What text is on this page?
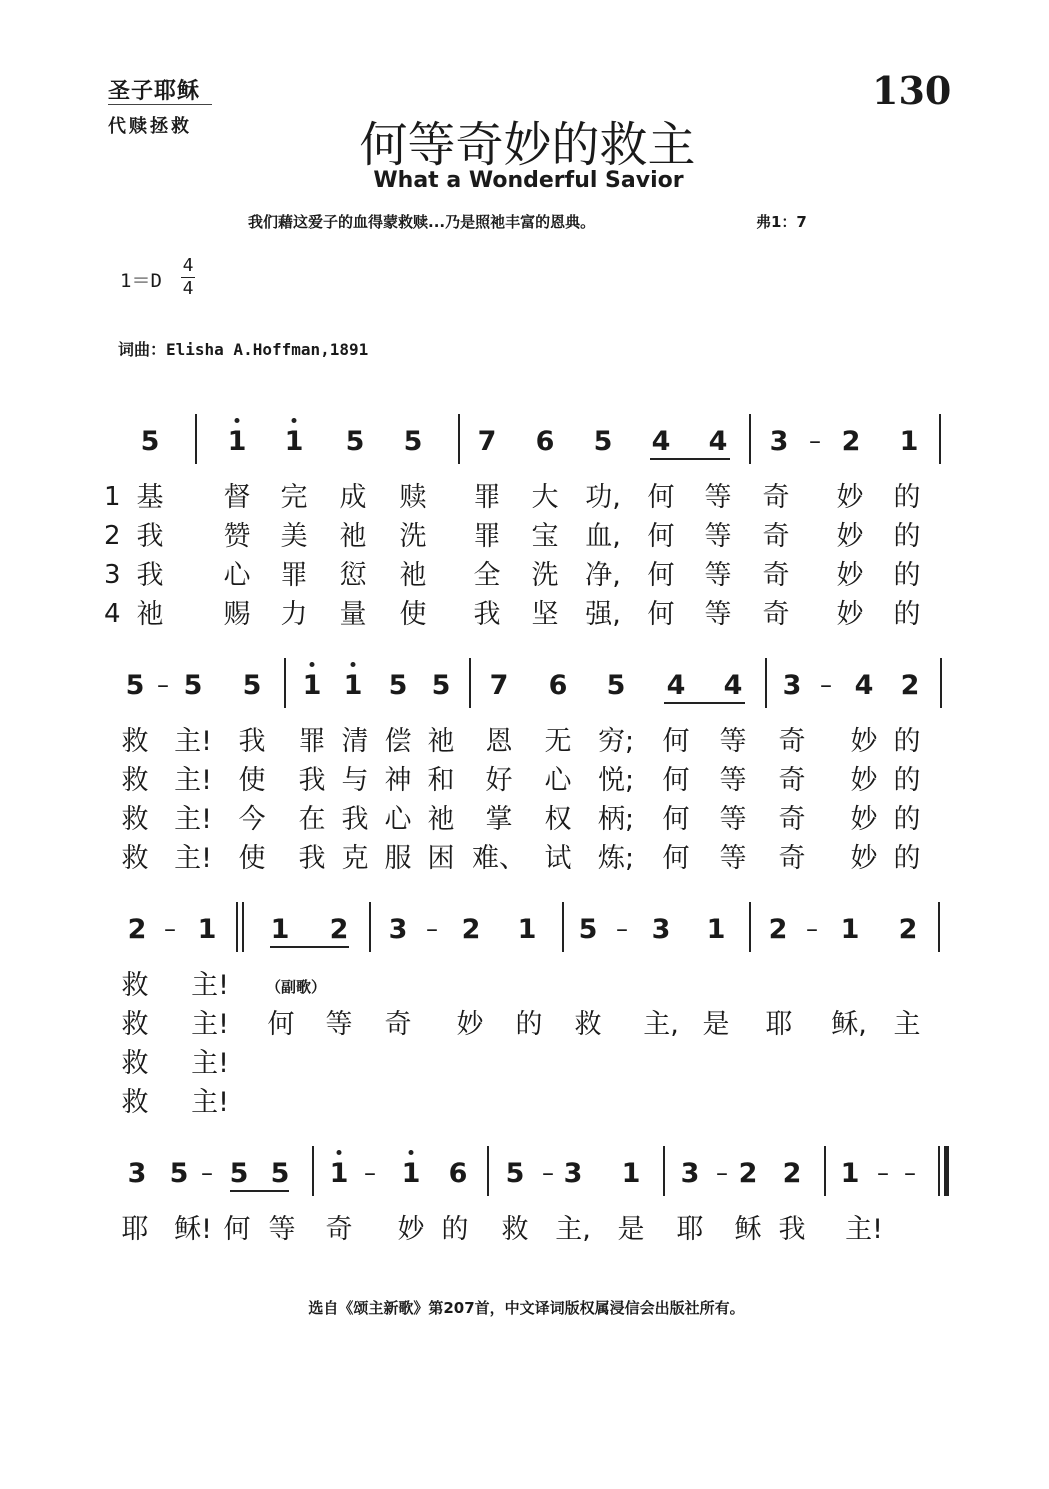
圣子耶稣
代赎拯救
130
何等奇妙的救主
What a Wonderful Savior
我们藉这爱子的血得蒙救赎...乃是照祂丰富的恩典。	弗1：7
1＝D
4
4
词曲：Elisha A.Hoffman,1891
5	1 1 5 5 7 6 5 4 4 3 – 2 1
1
2
3
4
基 督 完 成 赎 罪 大 功, 何 等 奇 妙 的
我 赞 美 祂 洗 罪 宝 血, 何 等 奇 妙 的
我 心 罪 愆 祂 全 洗 净, 何 等 奇 妙 的
祂 赐 力 量 使 我 坚 强, 何 等 奇 妙 的
5 – 5 5 1 1 5 5 7 6 5 4 4 3 – 4 2
救 主! 我 罪 清 偿 祂 恩 无 穷; 何 等 奇 妙 的
救 主! 使 我 与 神 和 好 心 悦; 何 等 奇 妙 的
救 主! 今 在 我 心 祂 掌 权 柄; 何 等 奇 妙 的
救 主! 使 我 克 服 困 难、 试 炼; 何 等 奇 妙 的
2 – 1 1 2 3 – 2 1 5 – 3 1 2 – 1 2
救 主!
救 主! 何 等 奇 妙 的 救 主, 是 耶 稣, 主
救 主!
救 主!
（副歌）
3 5 – 5 5 1 – 1 6 5 – 3 1 3 – 2 2 1 – –
耶 稣! 何 等 奇 妙 的 救 主, 是 耶 稣 我 主!
选自《颂主新歌》第207首，中文译词版权属浸信会出版社所有。
